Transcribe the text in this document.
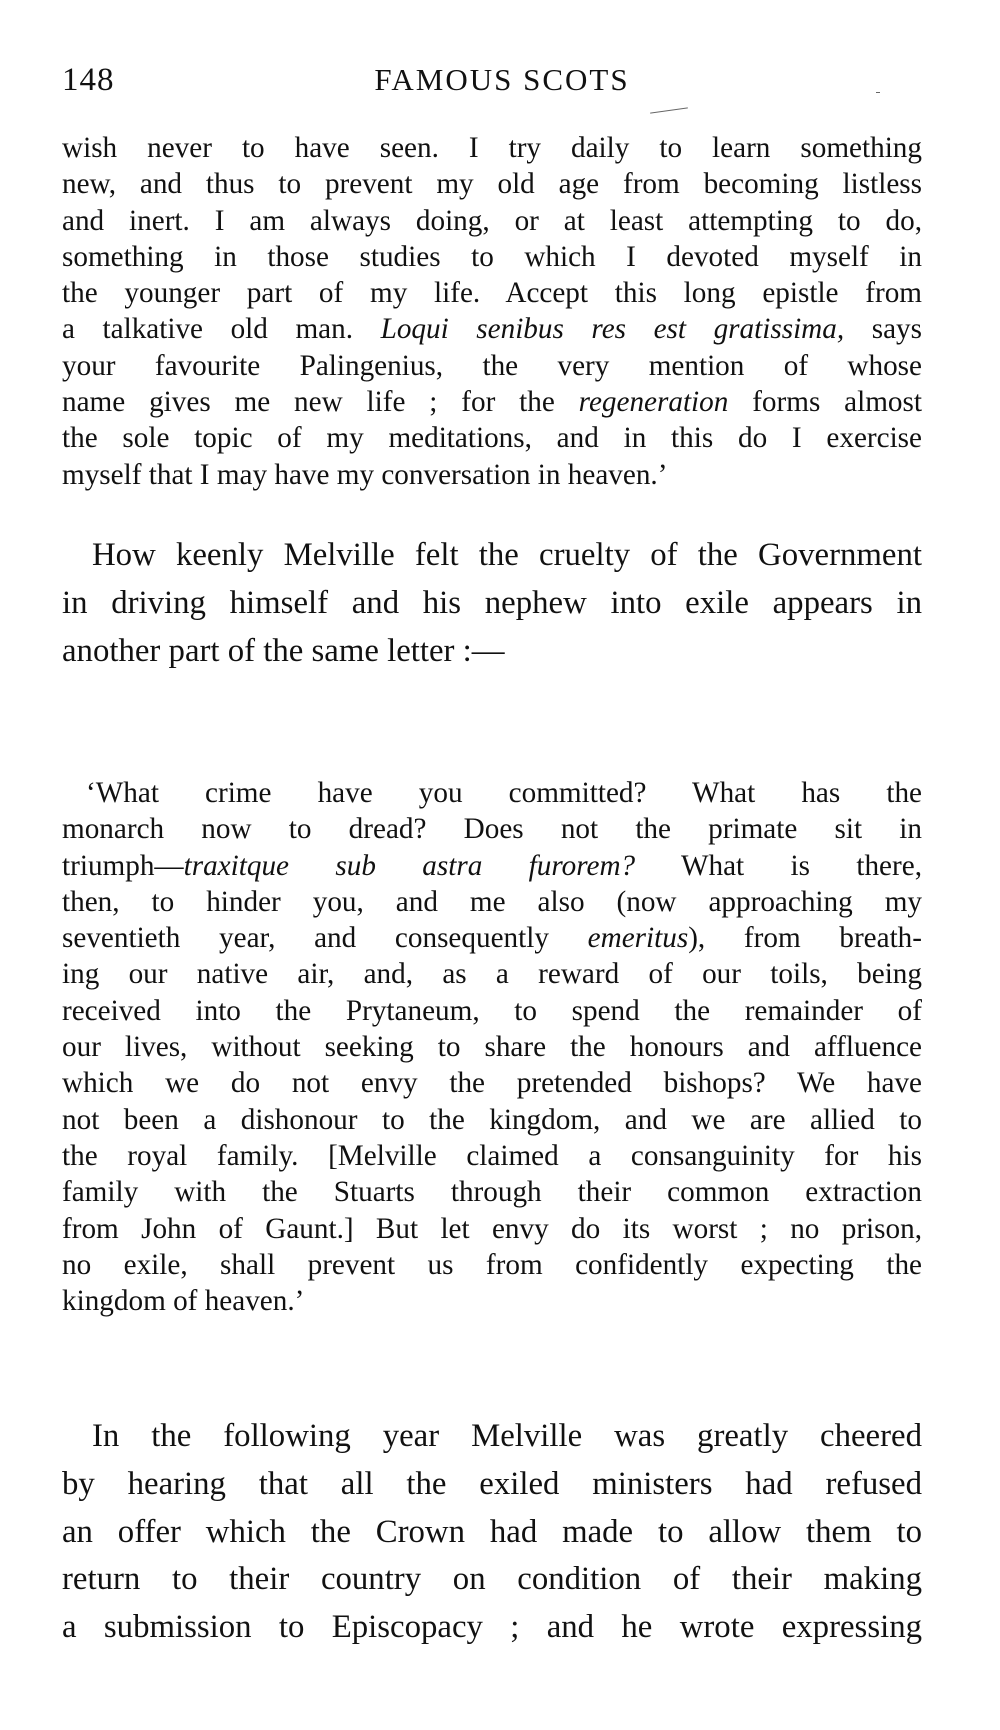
148	FAMOUS SCOTS
wish never to have seen. I try daily to learn something
new, and thus to prevent my old age from becoming listless
and inert. I am always doing, or at least attempting to do,
something in those studies to which I devoted myself in
the younger part of my life. Accept this long epistle from
a talkative old man. Loqui senibus res est gratissima, says
your favourite Palingenius, the very mention of whose
name gives me new life ; for the regeneration forms almost
the sole topic of my meditations, and in this do I exercise
myself that I may have my conversation in heaven.’
How keenly Melville felt the cruelty of the Government
in driving himself and his nephew into exile appears in
another part of the same letter :—
‘What crime have you committed? What has the
monarch now to dread? Does not the primate sit in
triumph—traxitque sub astra furorem? What is there,
then, to hinder you, and me also (now approaching my
seventieth year, and consequently emeritus), from breath-
ing our native air, and, as a reward of our toils, being
received into the Prytaneum, to spend the remainder of
our lives, without seeking to share the honours and affluence
which we do not envy the pretended bishops? We have
not been a dishonour to the kingdom, and we are allied to
the royal family. [Melville claimed a consanguinity for his
family with the Stuarts through their common extraction
from John of Gaunt.] But let envy do its worst ; no prison,
no exile, shall prevent us from confidently expecting the
kingdom of heaven.’
In the following year Melville was greatly cheered
by hearing that all the exiled ministers had refused
an offer which the Crown had made to allow them to
return to their country on condition of their making
a submission to Episcopacy ; and he wrote expressing
